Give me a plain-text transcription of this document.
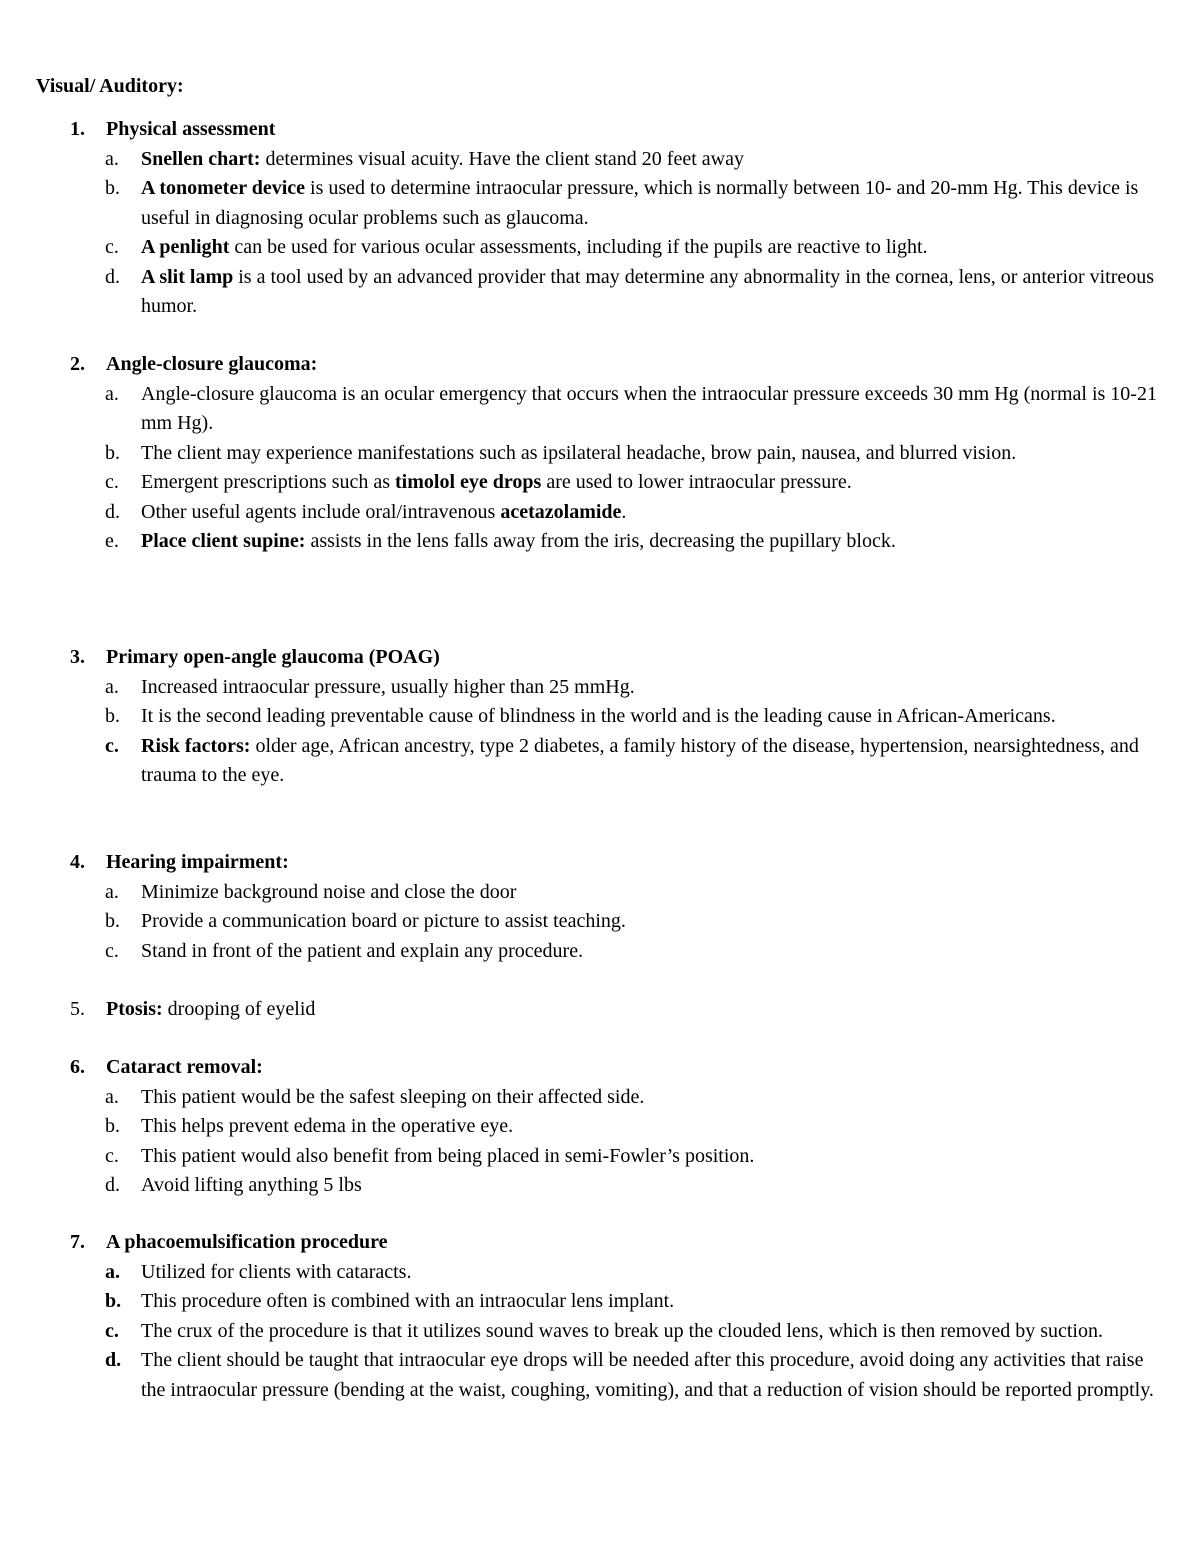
Visual/ Auditory:
1.	Physical assessment
a. Snellen chart: determines visual acuity. Have the client stand 20 feet away
b. A tonometer device is used to determine intraocular pressure, which is normally between 10- and 20-mm Hg. This device is useful in diagnosing ocular problems such as glaucoma.
c. A penlight can be used for various ocular assessments, including if the pupils are reactive to light.
d. A slit lamp is a tool used by an advanced provider that may determine any abnormality in the cornea, lens, or anterior vitreous humor.
2.	Angle-closure glaucoma:
a. Angle-closure glaucoma is an ocular emergency that occurs when the intraocular pressure exceeds 30 mm Hg (normal is 10-21 mm Hg).
b. The client may experience manifestations such as ipsilateral headache, brow pain, nausea, and blurred vision.
c. Emergent prescriptions such as timolol eye drops are used to lower intraocular pressure.
d. Other useful agents include oral/intravenous acetazolamide.
e. Place client supine: assists in the lens falls away from the iris, decreasing the pupillary block.
3.	Primary open-angle glaucoma (POAG)
a. Increased intraocular pressure, usually higher than 25 mmHg.
b. It is the second leading preventable cause of blindness in the world and is the leading cause in African-Americans.
c. Risk factors: older age, African ancestry, type 2 diabetes, a family history of the disease, hypertension, nearsightedness, and trauma to the eye.
4.	Hearing impairment:
a. Minimize background noise and close the door
b. Provide a communication board or picture to assist teaching.
c. Stand in front of the patient and explain any procedure.
5.	Ptosis: drooping of eyelid
6.	Cataract removal:
a. This patient would be the safest sleeping on their affected side.
b. This helps prevent edema in the operative eye.
c. This patient would also benefit from being placed in semi-Fowler’s position.
d. Avoid lifting anything 5 lbs
7.	A phacoemulsification procedure
a. Utilized for clients with cataracts.
b. This procedure often is combined with an intraocular lens implant.
c. The crux of the procedure is that it utilizes sound waves to break up the clouded lens, which is then removed by suction.
d. The client should be taught that intraocular eye drops will be needed after this procedure, avoid doing any activities that raise the intraocular pressure (bending at the waist, coughing, vomiting), and that a reduction of vision should be reported promptly.
